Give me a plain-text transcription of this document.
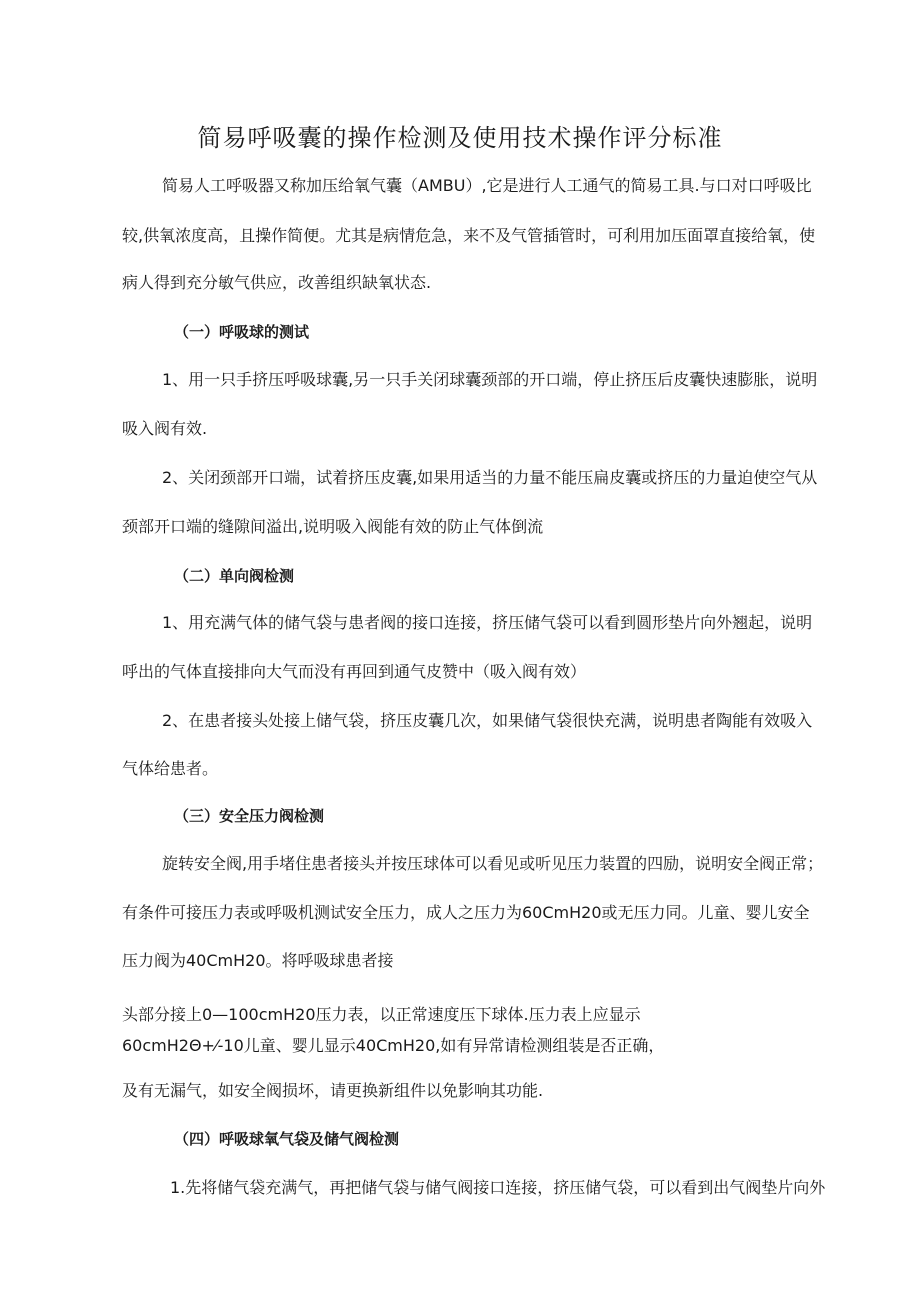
简易呼吸囊的操作检测及使用技术操作评分标准
简易人工呼吸器又称加压给氧气囊（AMBU）,它是进行人工通气的简易工具.与口对口呼吸比
较,供氧浓度高，且操作简便。尤其是病情危急，来不及气管插管时，可利用加压面罩直接给氧，使
病人得到充分敏气供应，改善组织缺氧状态.
（一）呼吸球的测试
1、用一只手挤压呼吸球囊,另一只手关闭球囊颈部的开口端，停止挤压后皮囊快速膨胀，说明
吸入阀有效.
2、关闭颈部开口端，试着挤压皮囊,如果用适当的力量不能压扁皮囊或挤压的力量迫使空气从
颈部开口端的缝隙间溢出,说明吸入阀能有效的防止气体倒流
（二）单向阀检测
1、用充满气体的储气袋与患者阀的接口连接，挤压储气袋可以看到圆形垫片向外翘起，说明
呼出的气体直接排向大气而没有再回到通气皮赞中（吸入阀有效）
2、在患者接头处接上储气袋，挤压皮囊几次，如果储气袋很快充满，说明患者陶能有效吸入
气体给患者。
（三）安全压力阀检测
旋转安全阀,用手堵住患者接头并按压球体可以看见或听见压力装置的四励，说明安全阀正常；
有条件可接压力表或呼吸机测试安全压力，成人之压力为60CmH20或无压力同。儿童、婴儿安全
压力阀为40CmH20。将呼吸球患者接
头部分接上0—100cmH20压力表，以正常速度压下球体.压力表上应显示
60cmH2Θ+⁄-10儿童、婴儿显示40CmH20,如有异常请检测组装是否正确，
及有无漏气，如安全阀损坏，请更换新组件以免影响其功能.
（四）呼吸球氧气袋及储气阀检测
1.先将储气袋充满气，再把储气袋与储气阀接口连接，挤压储气袋，可以看到出气阀垫片向外
